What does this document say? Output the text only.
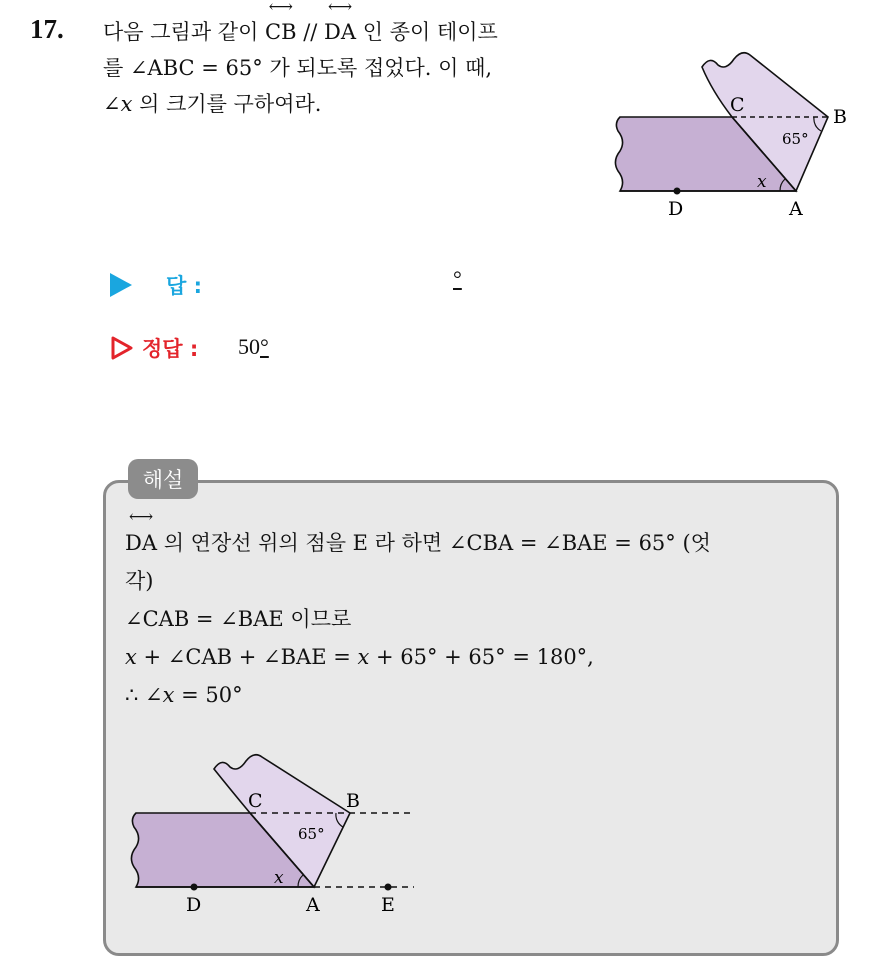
17. 다음 그림과 같이 ⟷ CB // ⟷ DA 인 종이 테이프
를 ∠ABC = 65° 가 되도록 접었다. 이 때,
∠x 의 크기를 구하여라.	C
B
D	A
65°
x
답 :	°
정답 : 50°
해설
⟷ DA 의 연장선 위의 점을 E 라 하면 ∠CBA = ∠BAE = 65° (엇
각)
∠CAB = ∠BAE 이므로
x + ∠CAB + ∠BAE = x + 65° + 65° = 180°,
∴ ∠x = 50°
C	B
D	A	E
65°
x
